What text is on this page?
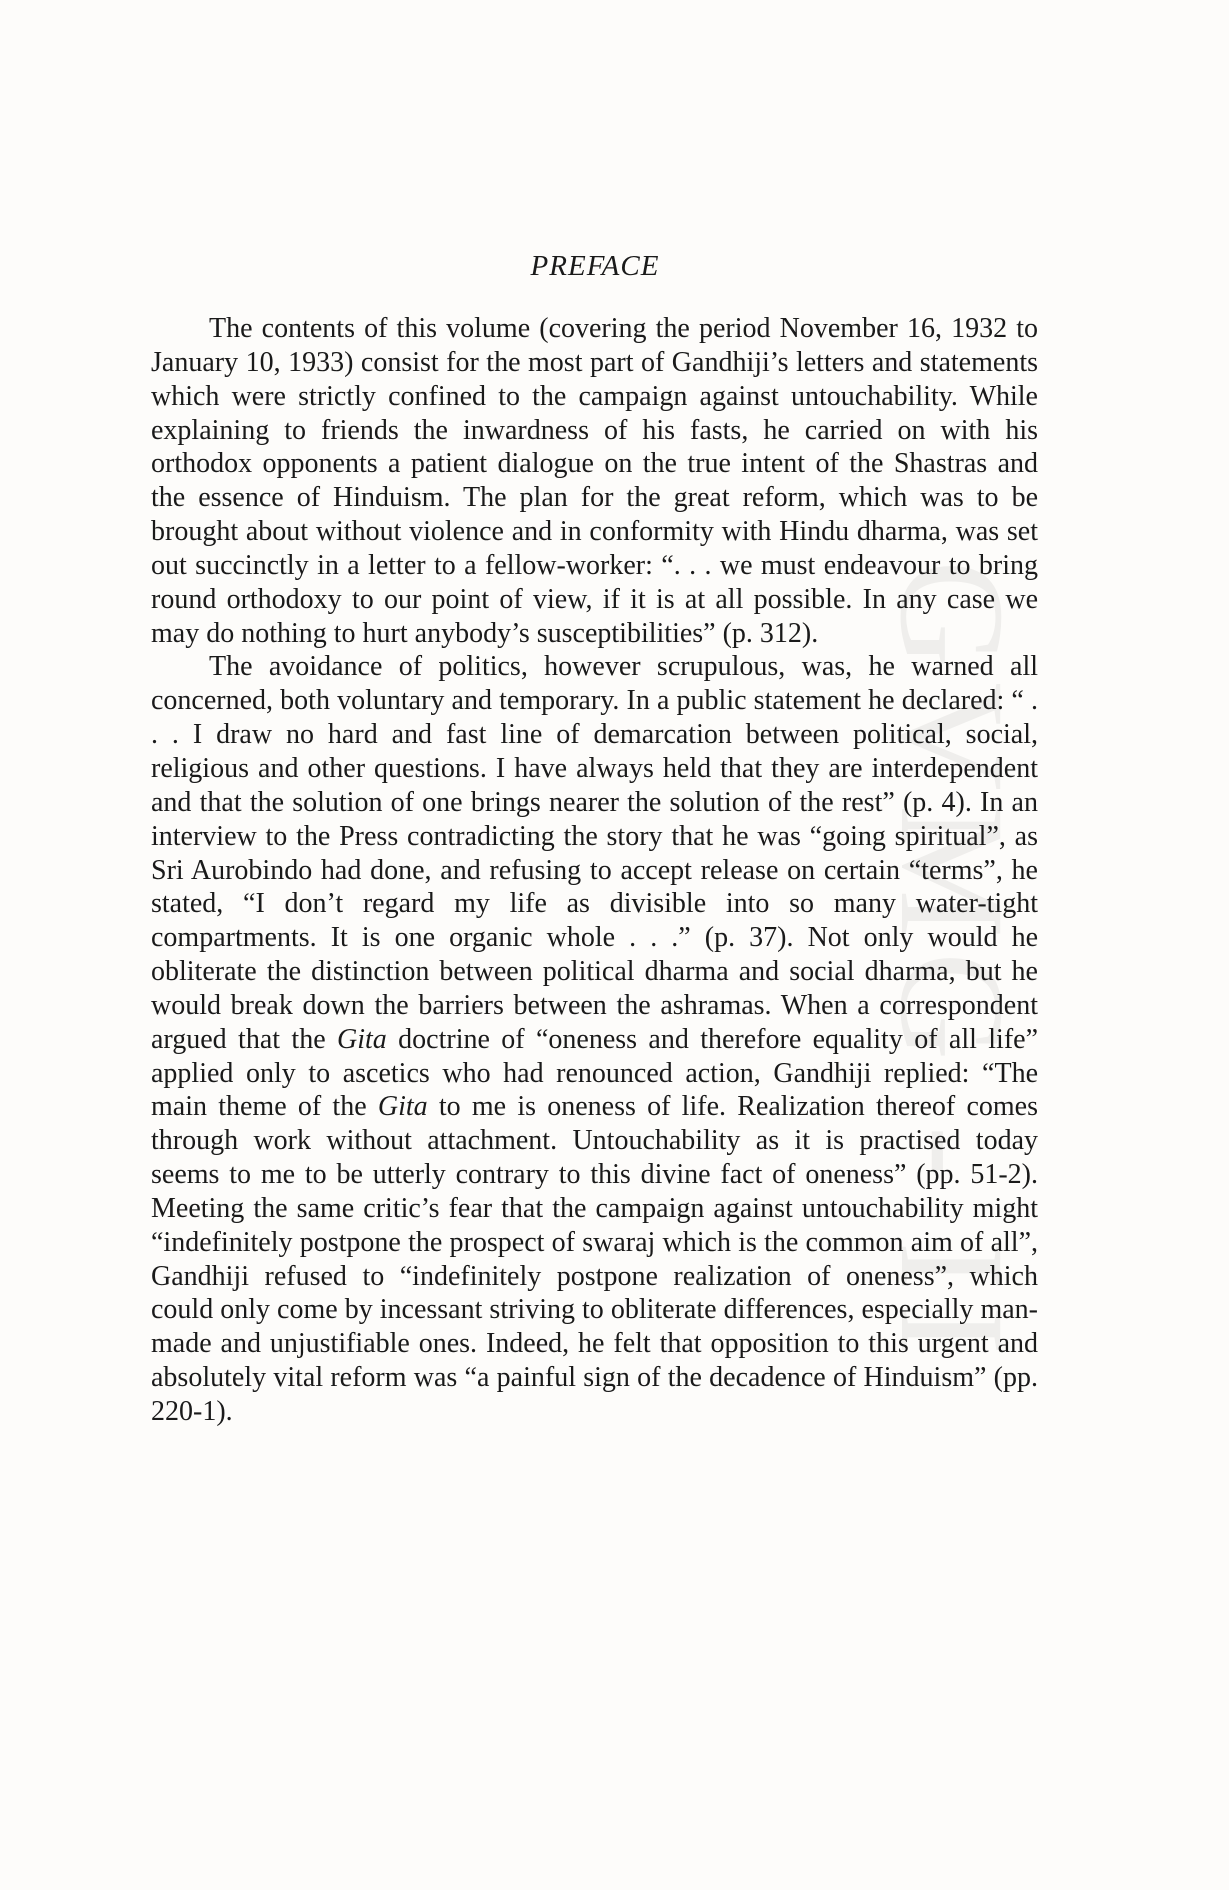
GVMG - II
PREFACE

The contents of this volume (covering the period November 16, 1932 to January 10, 1933) consist for the most part of Gandhiji’s letters and statements which were strictly confined to the campaign against untouchability. While explaining to friends the inwardness of his fasts, he carried on with his orthodox opponents a patient dialogue on the true intent of the Shastras and the essence of Hinduism. The plan for the great reform, which was to be brought about without violence and in conformity with Hindu dharma, was set out succinctly in a letter to a fellow-worker: “. . . we must endeavour to bring round orthodoxy to our point of view, if it is at all possible. In any case we may do nothing to hurt anybody’s susceptibilities” (p. 312).

The avoidance of politics, however scrupulous, was, he warned all concerned, both voluntary and temporary. In a public statement he declared: “ . . . I draw no hard and fast line of demarcation between political, social, religious and other questions. I have always held that they are interdependent and that the solution of one brings nearer the solution of the rest” (p. 4). In an interview to the Press contradicting the story that he was “going spiritual”, as Sri Aurobindo had done, and refusing to accept release on certain “terms”, he stated, “I don’t regard my life as divisible into so many water-tight compartments. It is one organic whole . . .” (p. 37). Not only would he obliterate the distinction between political dharma and social dharma, but he would break down the barriers between the ashramas. When a correspondent argued that the Gita doctrine of “oneness and therefore equality of all life” applied only to ascetics who had renounced action, Gandhiji replied: “The main theme of the Gita to me is oneness of life. Realization thereof comes through work without attachment. Untouchability as it is practised today seems to me to be utterly contrary to this divine fact of oneness” (pp. 51-2). Meeting the same critic’s fear that the campaign against untouchability might “indefinitely postpone the prospect of swaraj which is the common aim of all”, Gandhiji refused to “indefinitely postpone realization of oneness”, which could only come by incessant striving to obliterate differences, especially man-made and unjustifiable ones. Indeed, he felt that opposition to this urgent and absolutely vital reform was “a painful sign of the decadence of Hinduism” (pp. 220-1).
